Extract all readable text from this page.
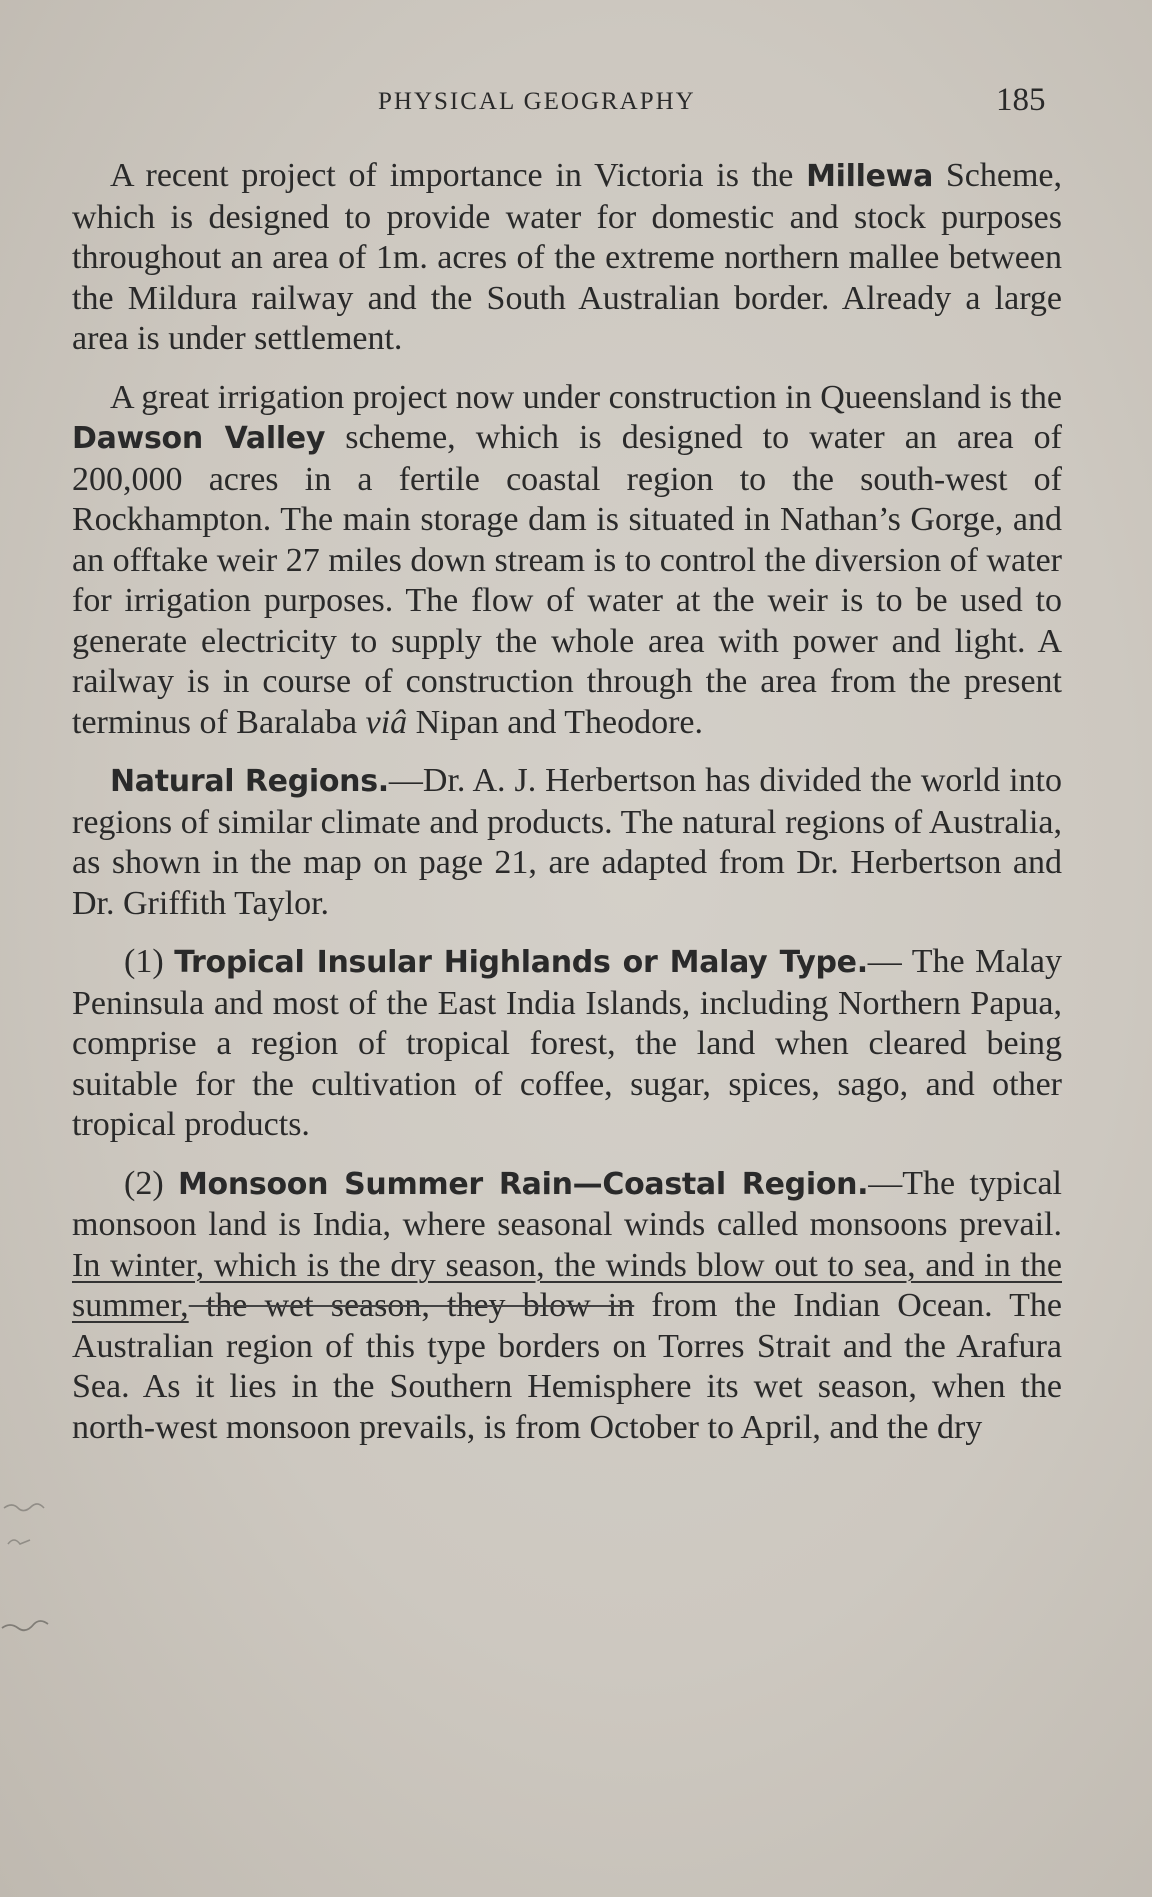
PHYSICAL GEOGRAPHY	185

A recent project of importance in Victoria is the Millewa Scheme, which is designed to provide water for domestic and stock purposes throughout an area of 1m. acres of the extreme northern mallee between the Mildura railway and the South Australian border. Already a large area is under settlement.

A great irrigation project now under construction in Queensland is the Dawson Valley scheme, which is designed to water an area of 200,000 acres in a fertile coastal region to the south-west of Rockhampton. The main storage dam is situated in Nathan’s Gorge, and an offtake weir 27 miles down stream is to control the diversion of water for irrigation purposes. The flow of water at the weir is to be used to generate electricity to supply the whole area with power and light. A railway is in course of construction through the area from the present terminus of Baralaba viâ Nipan and Theodore.

Natural Regions.—Dr. A. J. Herbertson has divided the world into regions of similar climate and products. The natural regions of Australia, as shown in the map on page 21, are adapted from Dr. Herbertson and Dr. Griffith Taylor.

(1) Tropical Insular Highlands or Malay Type.— The Malay Peninsula and most of the East India Islands, including Northern Papua, comprise a region of tropical forest, the land when cleared being suitable for the cultivation of coffee, sugar, spices, sago, and other tropical products.

(2) Monsoon Summer Rain—Coastal Region.—The typical monsoon land is India, where seasonal winds called monsoons prevail. In winter, which is the dry season, the winds blow out to sea, and in the summer, the wet season, they blow in from the Indian Ocean. The Australian region of this type borders on Torres Strait and the Arafura Sea. As it lies in the Southern Hemisphere its wet season, when the north-west monsoon prevails, is from October to April, and the dry
